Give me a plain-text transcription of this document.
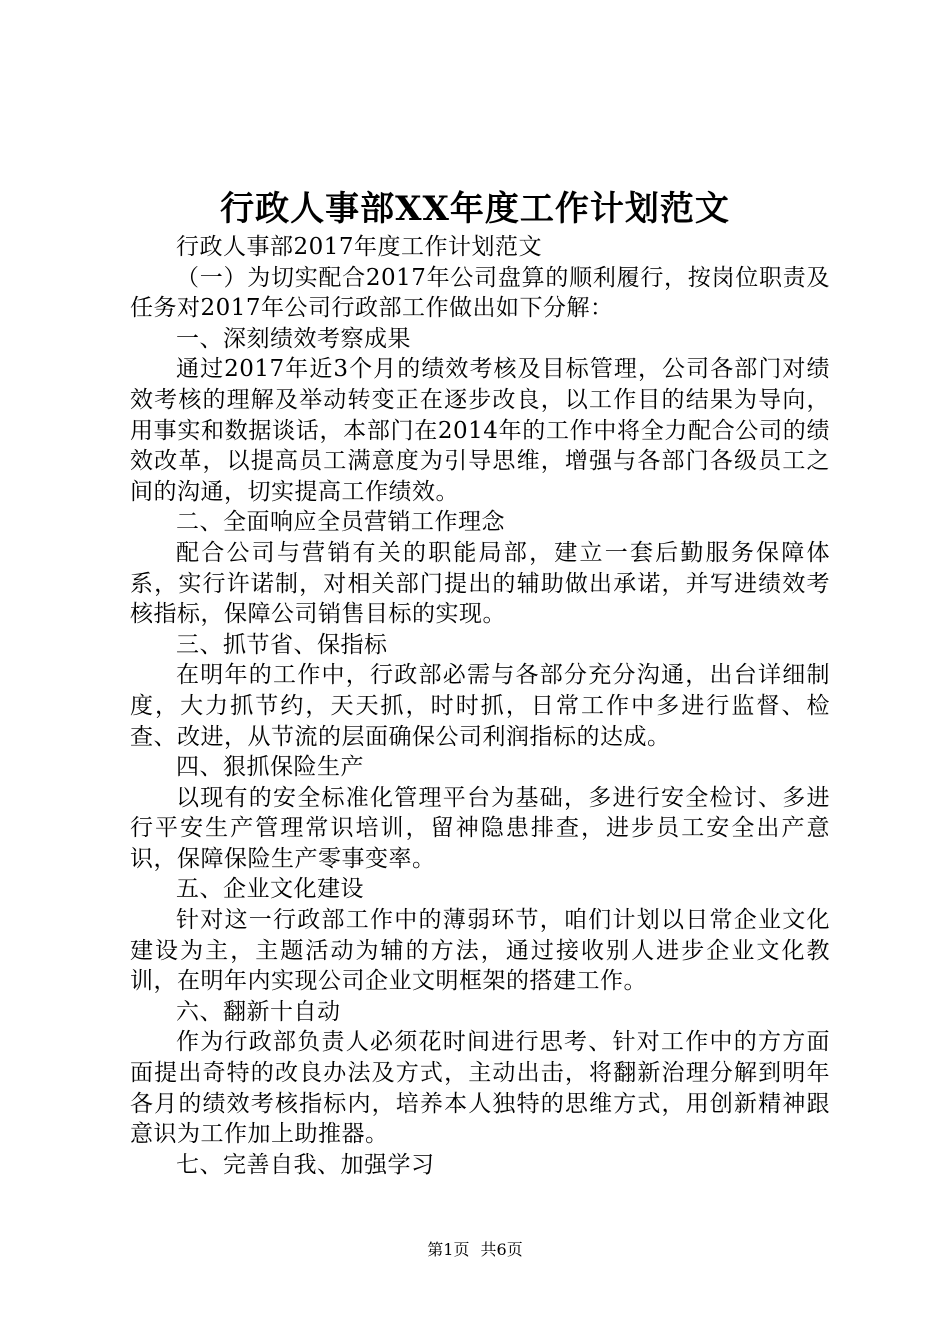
行政人事部XX年度工作计划范文

行政人事部2017年度工作计划范文

（一）为切实配合2017年公司盘算的顺利履行，按岗位职责及任务对2017年公司行政部工作做出如下分解：

一、深刻绩效考察成果

通过2017年近3个月的绩效考核及目标管理，公司各部门对绩效考核的理解及举动转变正在逐步改良，以工作目的结果为导向，用事实和数据谈话，本部门在2014年的工作中将全力配合公司的绩效改革，以提高员工满意度为引导思维，增强与各部门各级员工之间的沟通，切实提高工作绩效。

二、全面响应全员营销工作理念

配合公司与营销有关的职能局部，建立一套后勤服务保障体系，实行许诺制，对相关部门提出的辅助做出承诺，并写进绩效考核指标，保障公司销售目标的实现。

三、抓节省、保指标

在明年的工作中，行政部必需与各部分充分沟通，出台详细制度，大力抓节约，天天抓，时时抓，日常工作中多进行监督、检查、改进，从节流的层面确保公司利润指标的达成。

四、狠抓保险生产

以现有的安全标准化管理平台为基础，多进行安全检讨、多进行平安生产管理常识培训，留神隐患排查，进步员工安全出产意识，保障保险生产零事变率。

五、企业文化建设

针对这一行政部工作中的薄弱环节，咱们计划以日常企业文化建设为主，主题活动为辅的方法，通过接收别人进步企业文化教训，在明年内实现公司企业文明框架的搭建工作。

六、翻新十自动

作为行政部负责人必须花时间进行思考、针对工作中的方方面面提出奇特的改良办法及方式，主动出击，将翻新治理分解到明年各月的绩效考核指标内，培养本人独特的思维方式，用创新精神跟意识为工作加上助推器。

七、完善自我、加强学习

第1页 共6页
